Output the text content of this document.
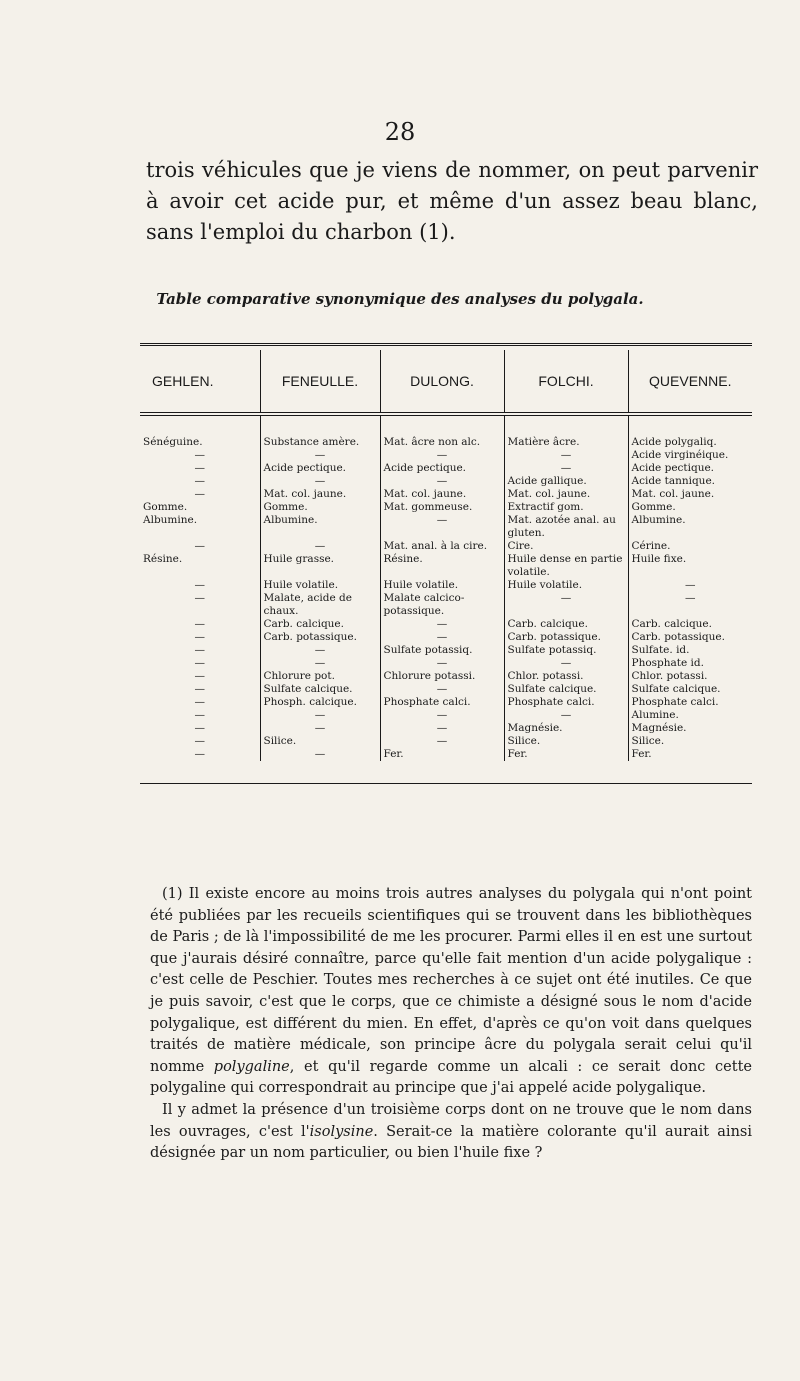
28

trois véhicules que je viens de nommer, on peut parvenir à avoir cet acide pur, et même d'un assez beau blanc, sans l'emploi du charbon (1).

Table comparative synonymique des analyses du polygala.
GEHLEN.	FENEULLE.	DULONG.	FOLCHI.	QUEVENNE.
Sénéguine.	Substance amère.	Mat. âcre non alc.	Matière âcre.	Acide polygaliq.

—	—	—	—	Acide virginéique.

—	Acide pectique.	Acide pectique.	—	Acide pectique.

—	—	—	Acide gallique.	Acide tannique.

—	Mat. col. jaune.	Mat. col. jaune.	Mat. col. jaune.	Mat. col. jaune.
Gomme.	Gomme.	Mat. gommeuse.	Extractif gom.	Gomme.
Albumine.	Albumine.	—	Mat. azotée anal. au gluten.	Albumine.

—	—	Mat. anal. à la cire.	Cire.	Cérine.
Résine.	Huile grasse.	Résine.	Huile dense en partie volatile.	Huile fixe.

—	Huile volatile.	Huile volatile.	Huile volatile.	—

—	Malate, acide de chaux.	Malate calcico-potassique.	—	—

—	Carb. calcique.	—	Carb. calcique.	Carb. calcique.

—	Carb. potassique.	—	Carb. potassique.	Carb. potassique.

—	—	Sulfate potassiq.	Sulfate potassiq.	Sulfate. id.

—	—	—	—	Phosphate id.

—	Chlorure pot.	Chlorure potassi.	Chlor. potassi.	Chlor. potassi.

—	Sulfate calcique.	—	Sulfate calcique.	Sulfate calcique.

—	Phosph. calcique.	Phosphate calci.	Phosphate calci.	Phosphate calci.

—	—	—	—	Alumine.

—	—	—	Magnésie.	Magnésie.

—	Silice.	—	Silice.	Silice.

—	—	Fer.	Fer.	Fer.

(1) Il existe encore au moins trois autres analyses du polygala qui n'ont point été publiées par les recueils scientifiques qui se trouvent dans les bibliothèques de Paris ; de là l'impossibilité de me les procurer. Parmi elles il en est une surtout que j'aurais désiré connaître, parce qu'elle fait mention d'un acide polygalique : c'est celle de Peschier. Toutes mes recherches à ce sujet ont été inutiles. Ce que je puis savoir, c'est que le corps, que ce chimiste a désigné sous le nom d'acide polygalique, est différent du mien. En effet, d'après ce qu'on voit dans quelques traités de matière médicale, son principe âcre du polygala serait celui qu'il nomme polygaline, et qu'il regarde comme un alcali : ce serait donc cette polygaline qui correspondrait au principe que j'ai appelé acide polygalique.

Il y admet la présence d'un troisième corps dont on ne trouve que le nom dans les ouvrages, c'est l'isolysine. Serait-ce la matière colorante qu'il aurait ainsi désignée par un nom particulier, ou bien l'huile fixe ?
